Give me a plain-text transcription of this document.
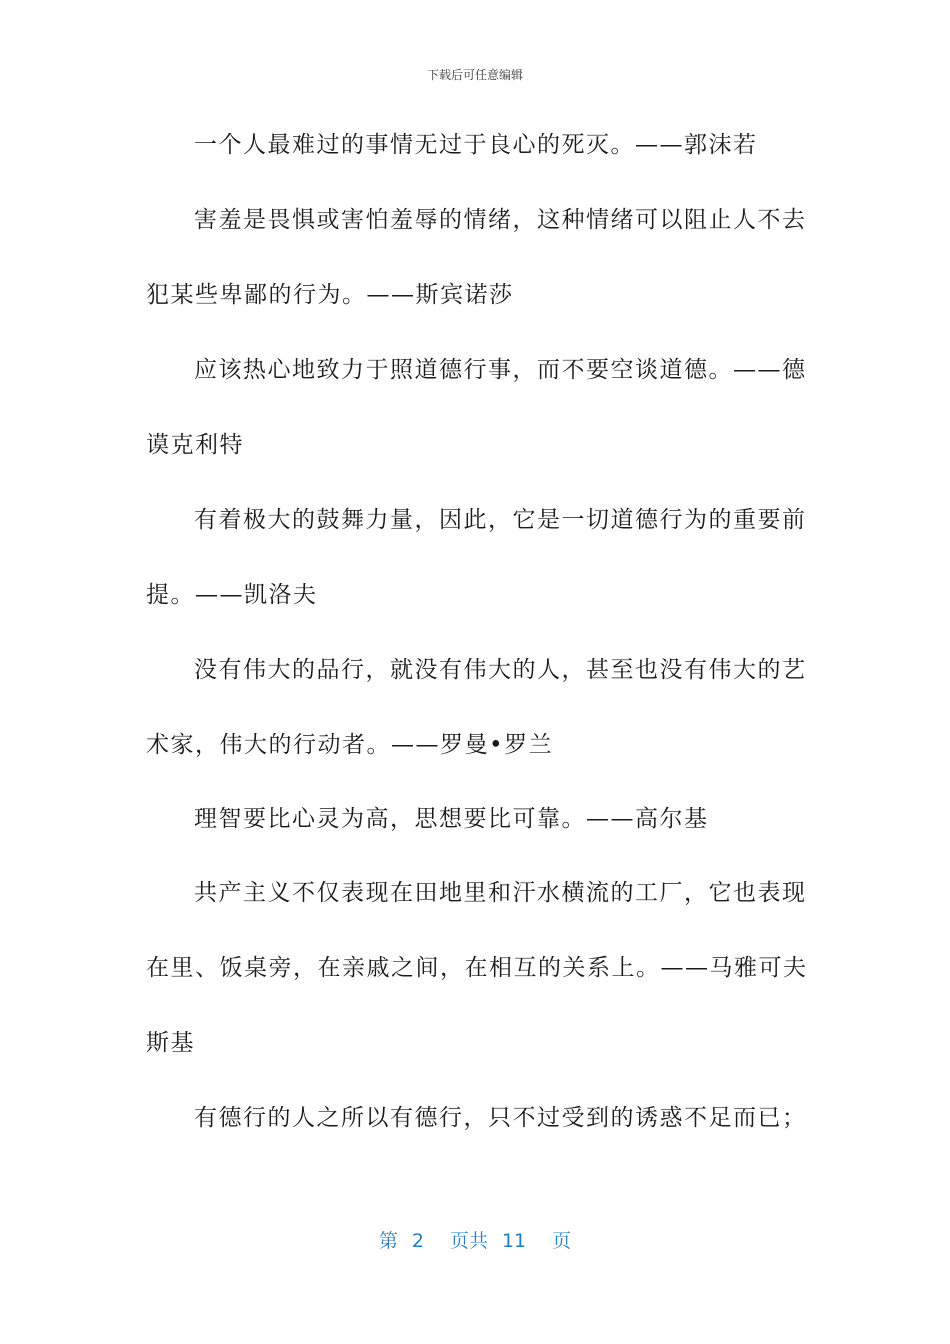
下载后可任意编辑
一个人最难过的事情无过于良心的死灭。——郭沫若
害羞是畏惧或害怕羞辱的情绪，这种情绪可以阻止人不去
犯某些卑鄙的行为。——斯宾诺莎
应该热心地致力于照道德行事，而不要空谈道德。——德
谟克利特
有着极大的鼓舞力量，因此，它是一切道德行为的重要前
提。——凯洛夫
没有伟大的品行，就没有伟大的人，甚至也没有伟大的艺
术家，伟大的行动者。——罗曼•罗兰
理智要比心灵为高，思想要比可靠。——高尔基
共产主义不仅表现在田地里和汗水横流的工厂，它也表现
在里、饭桌旁，在亲戚之间，在相互的关系上。——马雅可夫
斯基
有德行的人之所以有德行，只不过受到的诱惑不足而已；
第 2 页共 11 页
